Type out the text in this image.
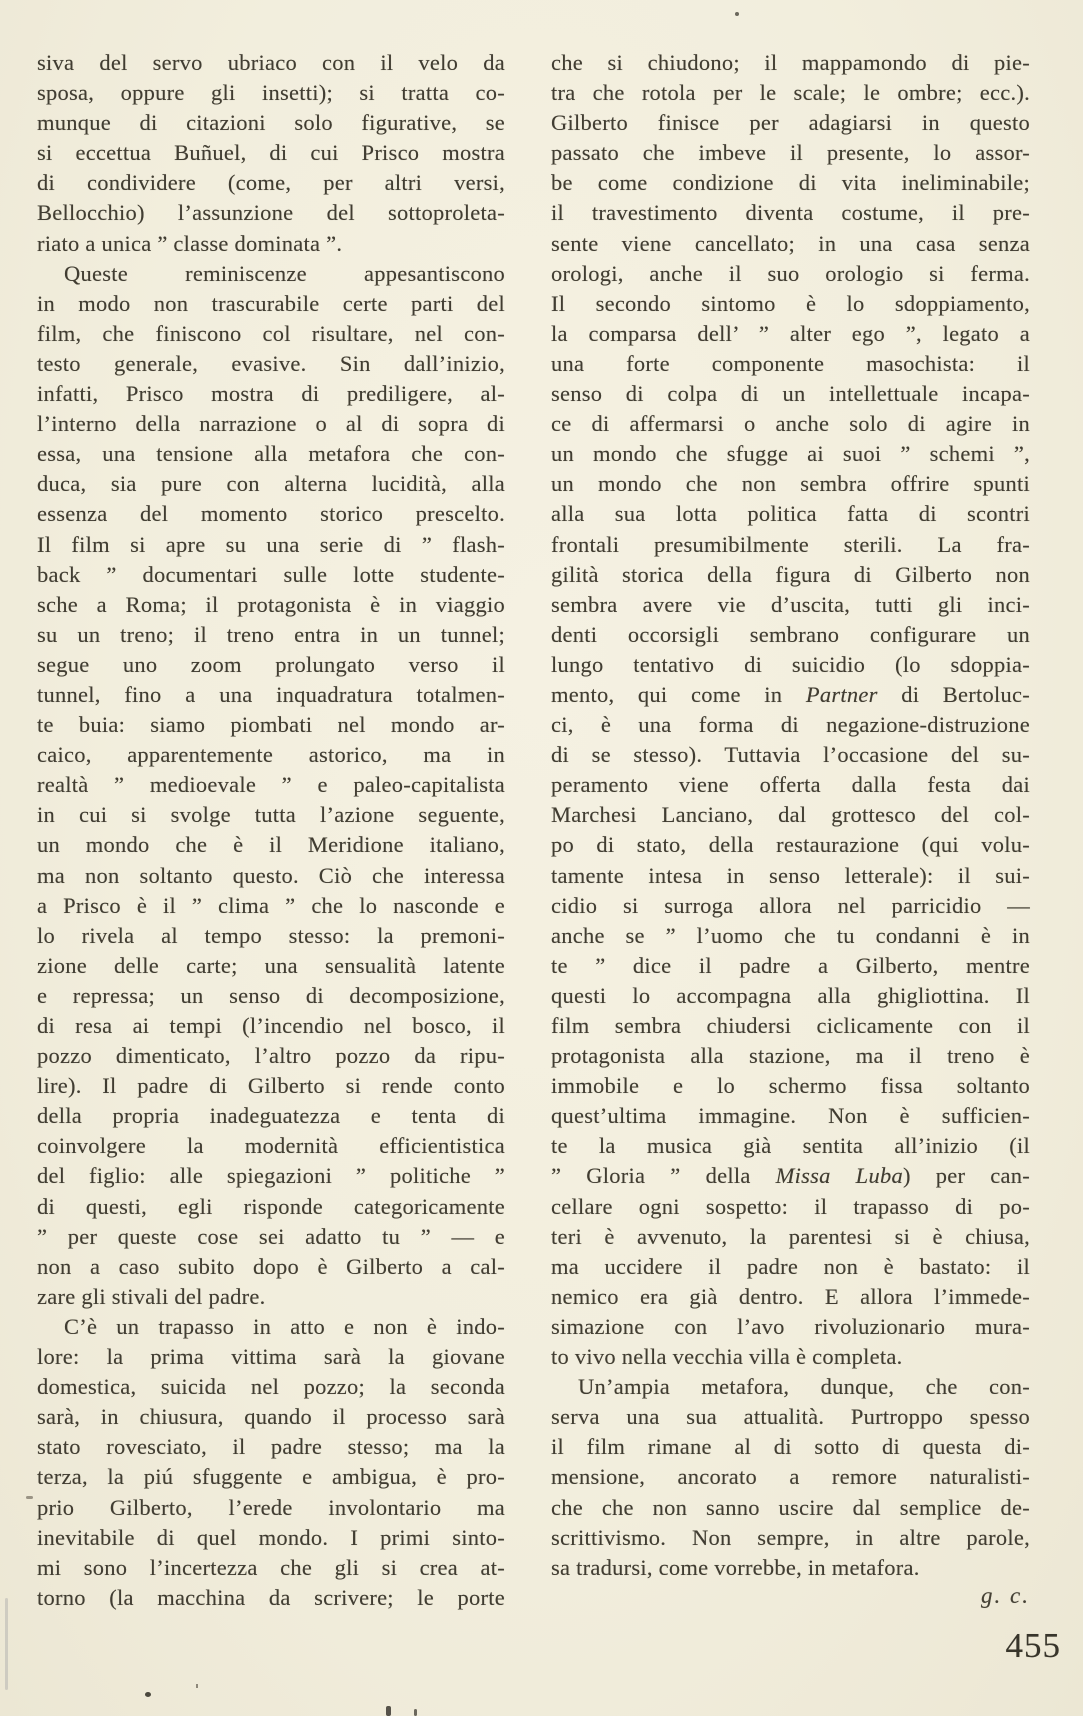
siva del servo ubriaco con il velo da
sposa, oppure gli insetti); si tratta co-
munque di citazioni solo figurative, se
si eccettua Buñuel, di cui Prisco mostra
di condividere (come, per altri versi,
Bellocchio) l’assunzione del sottoproleta-
riato a unica ” classe dominata ”.
Queste reminiscenze appesantiscono
in modo non trascurabile certe parti del
film, che finiscono col risultare, nel con-
testo generale, evasive. Sin dall’inizio,
infatti, Prisco mostra di prediligere, al-
l’interno della narrazione o al di sopra di
essa, una tensione alla metafora che con-
duca, sia pure con alterna lucidità, alla
essenza del momento storico prescelto.
Il film si apre su una serie di ” flash-
back ” documentari sulle lotte studente-
sche a Roma; il protagonista è in viaggio
su un treno; il treno entra in un tunnel;
segue uno zoom prolungato verso il
tunnel, fino a una inquadratura totalmen-
te buia: siamo piombati nel mondo ar-
caico, apparentemente astorico, ma in
realtà ” medioevale ” e paleo-capitalista
in cui si svolge tutta l’azione seguente,
un mondo che è il Meridione italiano,
ma non soltanto questo. Ciò che interessa
a Prisco è il ” clima ” che lo nasconde e
lo rivela al tempo stesso: la premoni-
zione delle carte; una sensualità latente
e repressa; un senso di decomposizione,
di resa ai tempi (l’incendio nel bosco, il
pozzo dimenticato, l’altro pozzo da ripu-
lire). Il padre di Gilberto si rende conto
della propria inadeguatezza e tenta di
coinvolgere la modernità efficientistica
del figlio: alle spiegazioni ” politiche ”
di questi, egli risponde categoricamente
” per queste cose sei adatto tu ” — e
non a caso subito dopo è Gilberto a cal-
zare gli stivali del padre.
C’è un trapasso in atto e non è indo-
lore: la prima vittima sarà la giovane
domestica, suicida nel pozzo; la seconda
sarà, in chiusura, quando il processo sarà
stato rovesciato, il padre stesso; ma la
terza, la piú sfuggente e ambigua, è pro-
prio Gilberto, l’erede involontario ma
inevitabile di quel mondo. I primi sinto-
mi sono l’incertezza che gli si crea at-
torno (la macchina da scrivere; le porte
che si chiudono; il mappamondo di pie-
tra che rotola per le scale; le ombre; ecc.).
Gilberto finisce per adagiarsi in questo
passato che imbeve il presente, lo assor-
be come condizione di vita ineliminabile;
il travestimento diventa costume, il pre-
sente viene cancellato; in una casa senza
orologi, anche il suo orologio si ferma.
Il secondo sintomo è lo sdoppiamento,
la comparsa dell’ ” alter ego ”, legato a
una forte componente masochista: il
senso di colpa di un intellettuale incapa-
ce di affermarsi o anche solo di agire in
un mondo che sfugge ai suoi ” schemi ”,
un mondo che non sembra offrire spunti
alla sua lotta politica fatta di scontri
frontali presumibilmente sterili. La fra-
gilità storica della figura di Gilberto non
sembra avere vie d’uscita, tutti gli inci-
denti occorsigli sembrano configurare un
lungo tentativo di suicidio (lo sdoppia-
mento, qui come in Partner di Bertoluc-
ci, è una forma di negazione-distruzione
di se stesso). Tuttavia l’occasione del su-
peramento viene offerta dalla festa dai
Marchesi Lanciano, dal grottesco del col-
po di stato, della restaurazione (qui volu-
tamente intesa in senso letterale): il sui-
cidio si surroga allora nel parricidio —
anche se ” l’uomo che tu condanni è in
te ” dice il padre a Gilberto, mentre
questi lo accompagna alla ghigliottina. Il
film sembra chiudersi ciclicamente con il
protagonista alla stazione, ma il treno è
immobile e lo schermo fissa soltanto
quest’ultima immagine. Non è sufficien-
te la musica già sentita all’inizio (il
” Gloria ” della Missa Luba) per can-
cellare ogni sospetto: il trapasso di po-
teri è avvenuto, la parentesi si è chiusa,
ma uccidere il padre non è bastato: il
nemico era già dentro. E allora l’immede-
simazione con l’avo rivoluzionario mura-
to vivo nella vecchia villa è completa.
Un’ampia metafora, dunque, che con-
serva una sua attualità. Purtroppo spesso
il film rimane al di sotto di questa di-
mensione, ancorato a remore naturalisti-
che che non sanno uscire dal semplice de-
scrittivismo. Non sempre, in altre parole,
sa tradursi, come vorrebbe, in metafora.
g. c.
455
